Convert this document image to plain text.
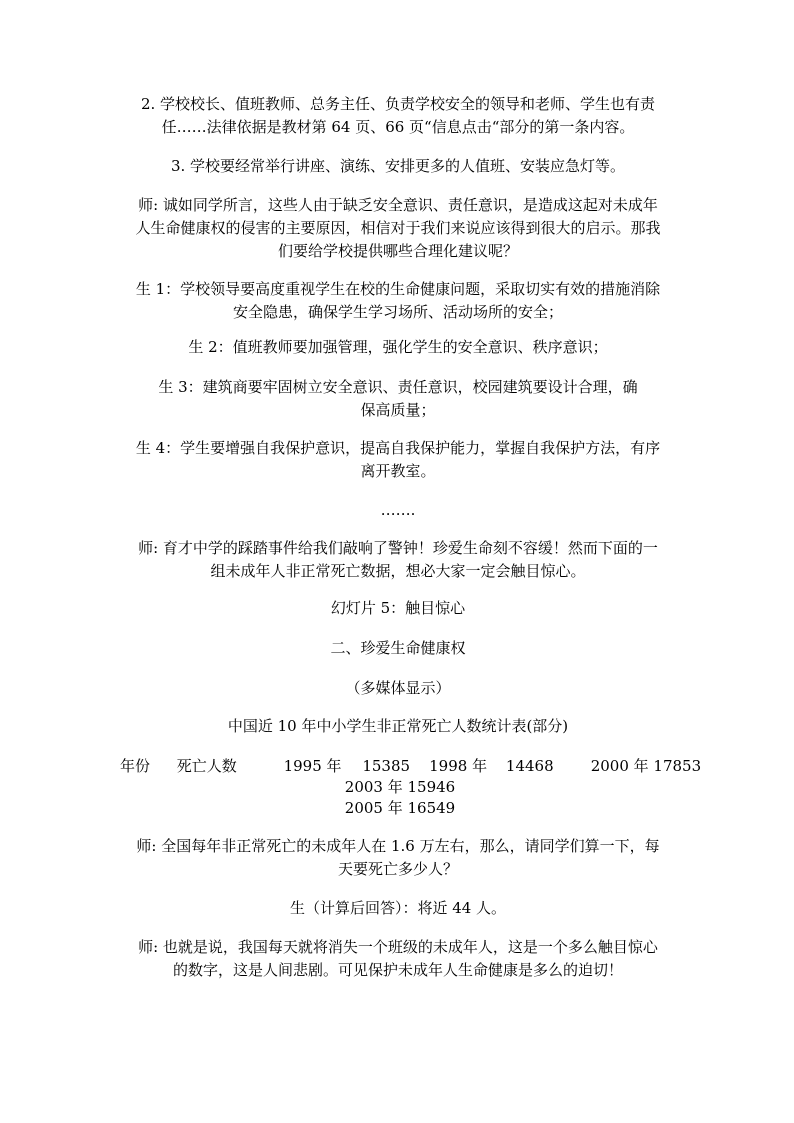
2. 学校校长、值班教师、总务主任、负责学校安全的领导和老师、学生也有责
任……法律依据是教材第 64 页、66 页“信息点击“部分的第一条内容。
3. 学校要经常举行讲座、演练、安排更多的人值班、安装应急灯等。
师: 诚如同学所言，这些人由于缺乏安全意识、责任意识，是造成这起对未成年
人生命健康权的侵害的主要原因，相信对于我们来说应该得到很大的启示。那我
们要给学校提供哪些合理化建议呢？
生 1：学校领导要高度重视学生在校的生命健康问题，采取切实有效的措施消除
安全隐患，确保学生学习场所、活动场所的安全；
生 2：值班教师要加强管理，强化学生的安全意识、秩序意识；
生 3：建筑商要牢固树立安全意识、责任意识，校园建筑要设计合理，确
保高质量；
生 4：学生要增强自我保护意识，提高自我保护能力，掌握自我保护方法，有序
离开教室。
…….
师: 育才中学的踩踏事件给我们敲响了警钟！珍爱生命刻不容缓！然而下面的一
组未成年人非正常死亡数据，想必大家一定会触目惊心。
幻灯片 5：触目惊心
二、珍爱生命健康权
（多媒体显示）
中国近 10 年中小学生非正常死亡人数统计表(部分)
年份 死亡人数	1995 年 15385 1998 年 14468 2000 年 17853
2003 年 15946
2005 年 16549
师: 全国每年非正常死亡的未成年人在 1.6 万左右，那么，请同学们算一下，每
天要死亡多少人？
生（计算后回答）：将近 44 人。
师: 也就是说，我国每天就将消失一个班级的未成年人，这是一个多么触目惊心
的数字，这是人间悲剧。可见保护未成年人生命健康是多么的迫切！
